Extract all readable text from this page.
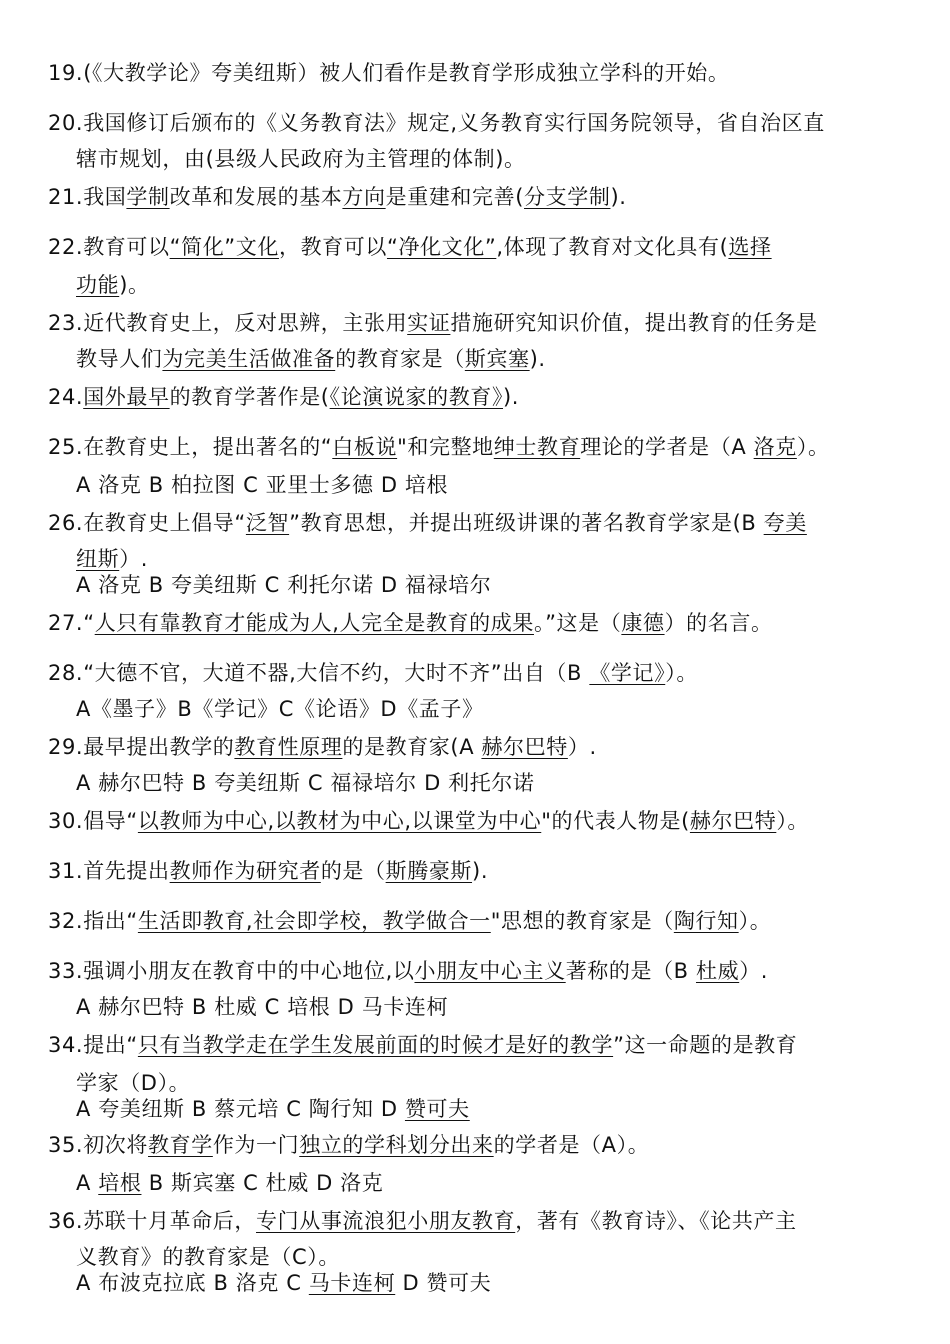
19.(《大教学论》夸美纽斯）被人们看作是教育学形成独立学科的开始。
20.我国修订后颁布的《义务教育法》规定,义务教育实行国务院领导，省自治区直
辖市规划，由(县级人民政府为主管理的体制)。
21.我国学制改革和发展的基本方向是重建和完善(分支学制).
22.教育可以“简化”文化，教育可以“净化文化”,体现了教育对文化具有(选择
功能)。
23.近代教育史上，反对思辨，主张用实证措施研究知识价值，提出教育的任务是
教导人们为完美生活做准备的教育家是（斯宾塞).
24.国外最早的教育学著作是(《论演说家的教育》).
25.在教育史上，提出著名的“白板说"和完整地绅士教育理论的学者是（A 洛克）。
A 洛克 B 柏拉图 C 亚里士多德 D 培根
26.在教育史上倡导“泛智”教育思想，并提出班级讲课的著名教育学家是(B 夸美
纽斯）.
A 洛克 B 夸美纽斯 C 利托尔诺 D 福禄培尔
27.“人只有靠教育才能成为人,人完全是教育的成果。”这是（康德）的名言。
28.“大德不官，大道不器,大信不约，大时不齐”出自（B 《学记》）。
A《墨子》B《学记》C《论语》D《孟子》
29.最早提出教学的教育性原理的是教育家(A 赫尔巴特）.
A 赫尔巴特 B 夸美纽斯 C 福禄培尔 D 利托尔诺
30.倡导“以教师为中心,以教材为中心,以课堂为中心"的代表人物是(赫尔巴特）。
31.首先提出教师作为研究者的是（斯腾豪斯).
32.指出“生活即教育,社会即学校，教学做合一"思想的教育家是（陶行知）。
33.强调小朋友在教育中的中心地位,以小朋友中心主义著称的是（B 杜威）.
A 赫尔巴特 B 杜威 C 培根 D 马卡连柯
34.提出“只有当教学走在学生发展前面的时候才是好的教学”这一命题的是教育
学家（D）。
A 夸美纽斯 B 蔡元培 C 陶行知 D 赞可夫
35.初次将教育学作为一门独立的学科划分出来的学者是（A）。
A 培根 B 斯宾塞 C 杜威 D 洛克
36.苏联十月革命后，专门从事流浪犯小朋友教育，著有《教育诗》、《论共产主
义教育》的教育家是（C）。
A 布波克拉底 B 洛克 C 马卡连柯 D 赞可夫
